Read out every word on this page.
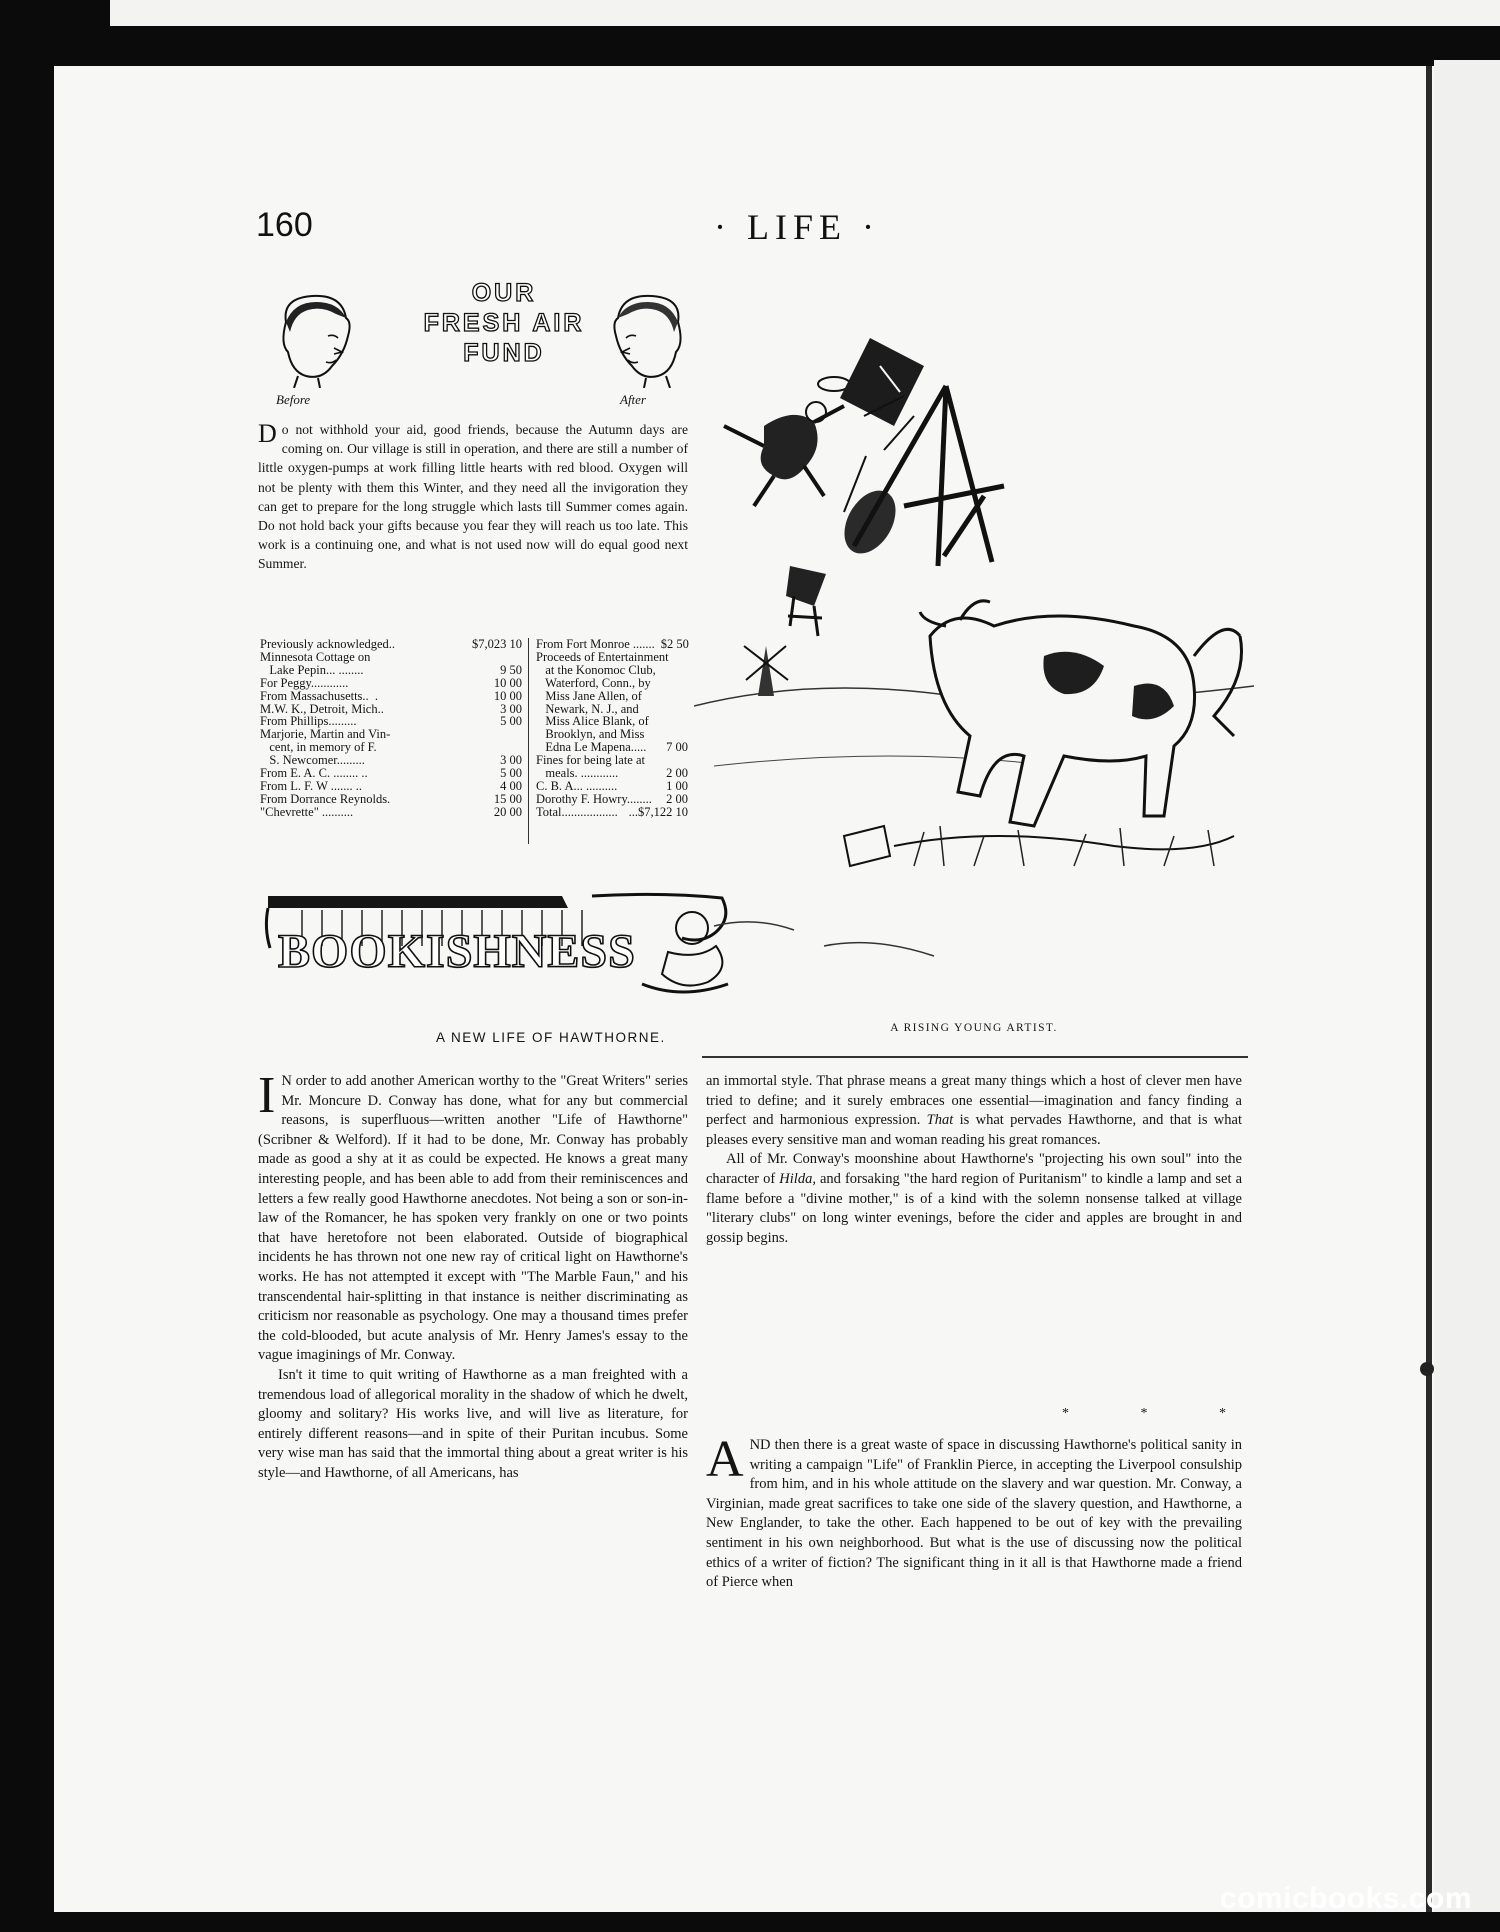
160	· LIFE ·
Before
OUR
FRESH AIR
FUND
After

Do not withhold your aid, good friends, because the Autumn days are coming on. Our village is still in operation, and there are still a number of little oxygen-pumps at work filling little hearts with red blood. Oxygen will not be plenty with them this Winter, and they need all the invigoration they can get to prepare for the long struggle which lasts till Summer comes again. Do not hold back your gifts because you fear they will reach us too late. This work is a continuing one, and what is not used now will do equal good next Summer.

Previously acknowledged..	$7,023 10
Minnesota Cottage on
Lake Pepin... ........	9 50
For Peggy............	10 00
From Massachusetts..  .	10 00
M.W. K., Detroit, Mich..	3 00
From Phillips.........	5 00
Marjorie, Martin and Vin-
cent, in memory of F.
S. Newcomer.........	3 00
From E. A. C. ........ ..	5 00
From L. F. W ....... ..	4 00
From Dorrance Reynolds.	15 00
"Chevrette" ..........	20 00
From Fort Monroe ....... $2 50
Proceeds of Entertainment
at the Konomoc Club,
Waterford, Conn., by
Miss Jane Allen, of
Newark, N. J., and
Miss Alice Blank, of
Brooklyn, and Miss
Edna Le Mapena.....	7 00
Fines for being late at
meals. ............	2 00
C. B. A... ..........	1 00
Dorothy F. Howry........	2 00
Total.................. ...$7,122 10
BOOKISHNESS
A NEW LIFE OF HAWTHORNE.

I N order to add another American worthy to the "Great Writers" series Mr. Moncure D. Conway has done, what for any but commercial reasons, is superfluous—written another "Life of Hawthorne" (Scribner & Welford). If it had to be done, Mr. Conway has probably made as good a shy at it as could be expected. He knows a great many interesting people, and has been able to add from their reminiscences and letters a few really good Hawthorne anecdotes. Not being a son or son-in-law of the Romancer, he has spoken very frankly on one or two points that have heretofore not been elaborated. Outside of biographical incidents he has thrown not one new ray of critical light on Hawthorne's works. He has not attempted it except with "The Marble Faun," and his transcendental hair-splitting in that instance is neither discriminating as criticism nor reasonable as psychology. One may a thousand times prefer the cold-blooded, but acute analysis of Mr. Henry James's essay to the vague imaginings of Mr. Conway.

Isn't it time to quit writing of Hawthorne as a man freighted with a tremendous load of allegorical morality in the shadow of which he dwelt, gloomy and solitary? His works live, and will live as literature, for entirely different reasons—and in spite of their Puritan incubus. Some very wise man has said that the immortal thing about a great writer is his style—and Hawthorne, of all Americans, has

A RISING YOUNG ARTIST.

an immortal style. That phrase means a great many things which a host of clever men have tried to define; and it surely embraces one essential—imagination and fancy finding a perfect and harmonious expression. That is what pervades Hawthorne, and that is what pleases every sensitive man and woman reading his great romances.

All of Mr. Conway's moonshine about Hawthorne's "projecting his own soul" into the character of Hilda, and forsaking "the hard region of Puritanism" to kindle a lamp and set a flame before a "divine mother," is of a kind with the solemn nonsense talked at village "literary clubs" on long winter evenings, before the cider and apples are brought in and gossip begins.

* * *

AND then there is a great waste of space in discussing Hawthorne's political sanity in writing a campaign "Life" of Franklin Pierce, in accepting the Liverpool consulship from him, and in his whole attitude on the slavery and war question. Mr. Conway, a Virginian, made great sacrifices to take one side of the slavery question, and Hawthorne, a New Englander, to take the other. Each happened to be out of key with the prevailing sentiment in his own neighborhood. But what is the use of discussing now the political ethics of a writer of fiction? The significant thing in it all is that Hawthorne made a friend of Pierce when

comicbooks.com
